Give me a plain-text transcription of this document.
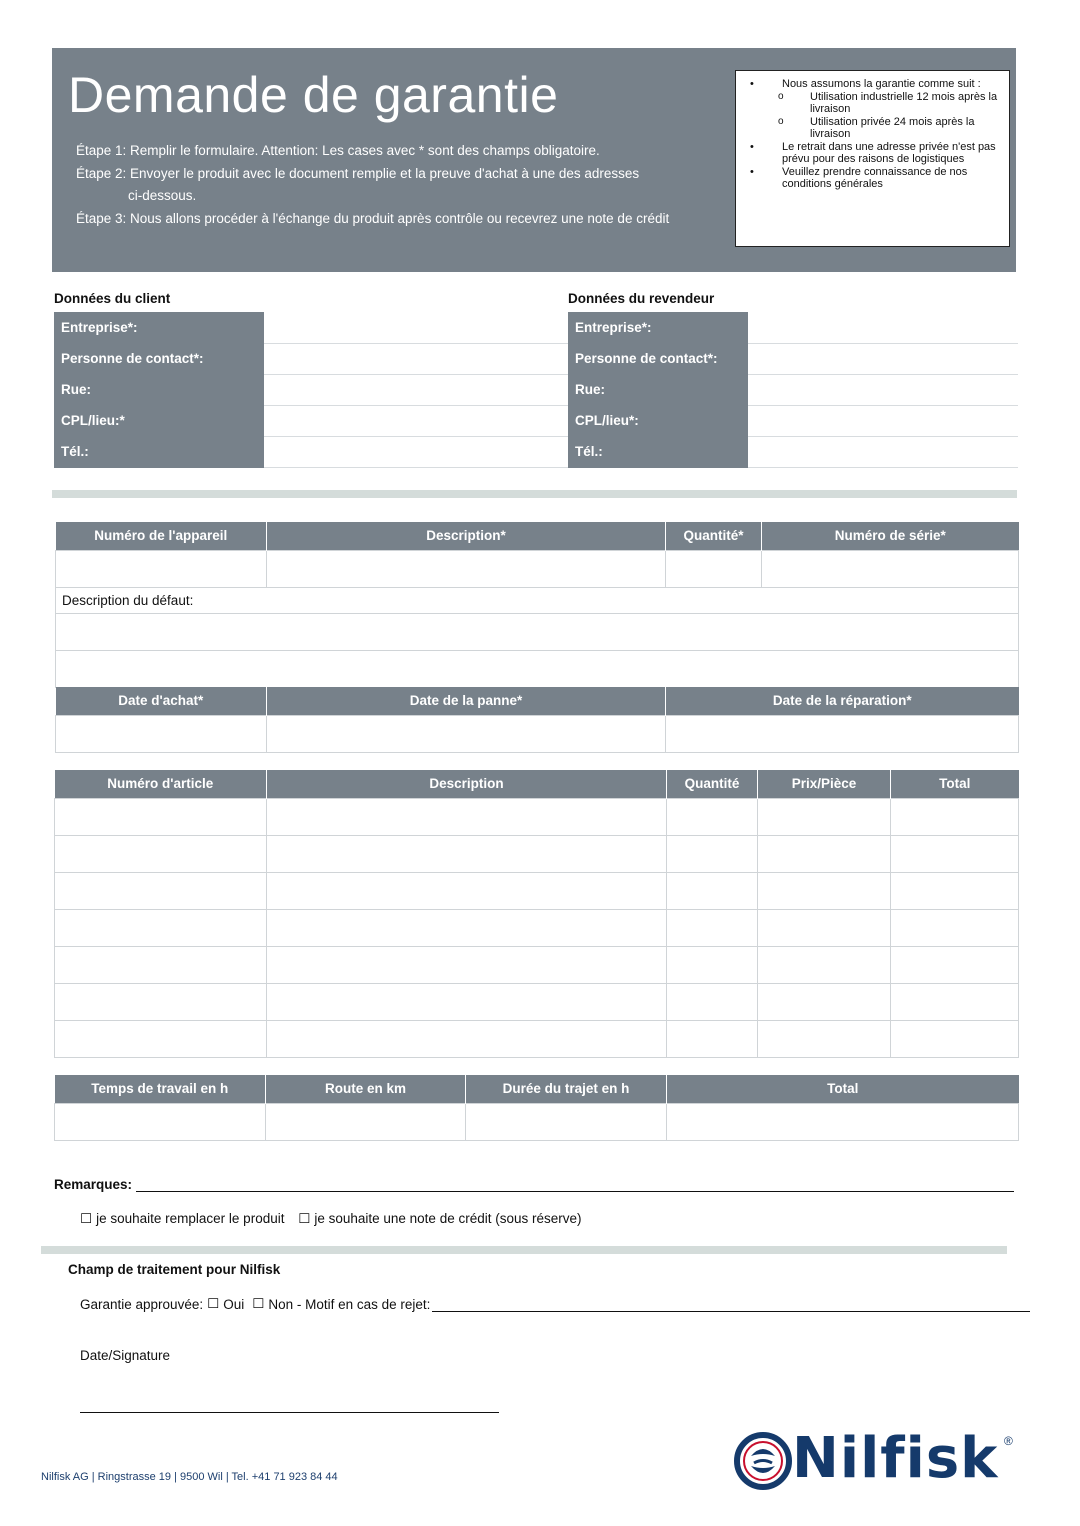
Demande de garantie
Étape 1: Remplir le formulaire. Attention: Les cases avec * sont des champs obligatoire.
Étape 2: Envoyer le produit avec le document remplie et la preuve d'achat à une des adresses
ci-dessous.
Étape 3: Nous allons procéder à l'échange du produit après contrôle ou recevrez une note de crédit
•	Nous assumons la garantie comme suit :
o	Utilisation industrielle 12 mois après la livraison
o	Utilisation privée 24 mois après la livraison
•	Le retrait dans une adresse privée n'est pas prévu pour des raisons de logistiques
•	Veuillez prendre connaissance de nos conditions générales
Données du client
Entreprise*:	
Personne de contact*:	
Rue:	
CPL/lieu:*	
Tél.:	
Données du revendeur
Entreprise*:	
Personne de contact*:	
Rue:	
CPL/lieu*:	
Tél.:	
Numéro de l'appareil	Description*	Quantité*	Numéro de série*

Description du défaut:			

Date d'achat*	Date de la panne*	Date de la réparation*

Numéro d'article	Description	Quantité	Prix/Pièce	Total

Temps de travail en h	Route en km	Durée du trajet en h	Total

Remarques:
☐ je souhaite remplacer le produit ☐ je souhaite une note de crédit (sous réserve)
Champ de traitement pour Nilfisk
Garantie approuvée: ☐ Oui ☐ Non - Motif en cas de rejet:
Date/Signature
Nilfisk AG | Ringstrasse 19 | 9500 Wil | Tel. +41 71 923 84 44	Nilfisk ®
